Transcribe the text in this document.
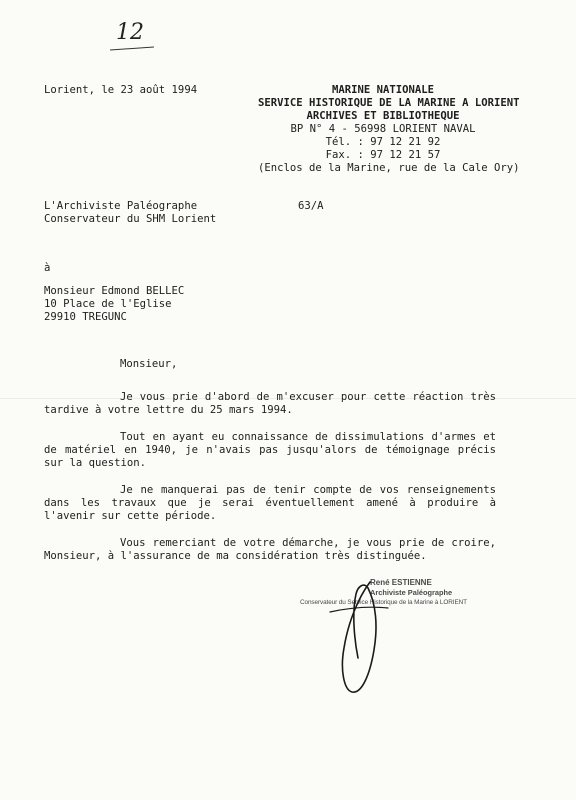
12
Lorient, le 23 août 1994	MARINE NATIONALE
SERVICE HISTORIQUE DE LA MARINE A LORIENT
ARCHIVES ET BIBLIOTHEQUE
BP N° 4 - 56998 LORIENT NAVAL
Tél. : 97 12 21 92
Fax. : 97 12 21 57
(Enclos de la Marine, rue de la Cale Ory)
L'Archiviste Paléographe
Conservateur du SHM Lorient
63/A
à
Monsieur Edmond BELLEC
10 Place de l'Eglise
29910 TREGUNC
Monsieur,

Je vous prie d'abord de m'excuser pour cette réaction très tardive à votre lettre du 25 mars 1994.

Tout en ayant eu connaissance de dissimulations d'armes et de matériel en 1940, je n'avais pas jusqu'alors de témoignage précis sur la question.

Je ne manquerai pas de tenir compte de vos renseignements dans les travaux que je serai éventuellement amené à produire à l'avenir sur cette période.

Vous remerciant de votre démarche, je vous prie de croire, Monsieur, à l'assurance de ma considération très distinguée.

René ESTIENNE
Archiviste Paléographe
Conservateur du Service Historique de la Marine à LORIENT
